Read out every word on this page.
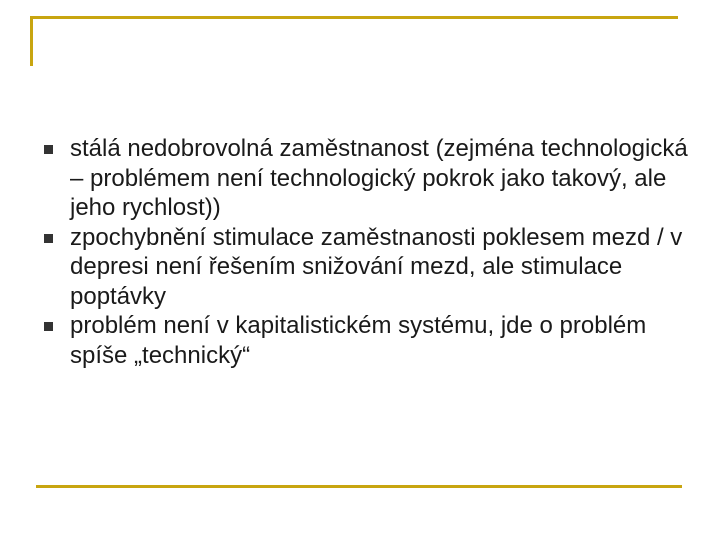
stálá nedobrovolná zaměstnanost (zejména technologická – problémem není technologický pokrok jako takový, ale jeho rychlost))
zpochybnění stimulace zaměstnanosti poklesem mezd / v depresi není řešením snižování mezd, ale stimulace poptávky
problém není v kapitalistickém systému, jde o problém spíše „technický“
